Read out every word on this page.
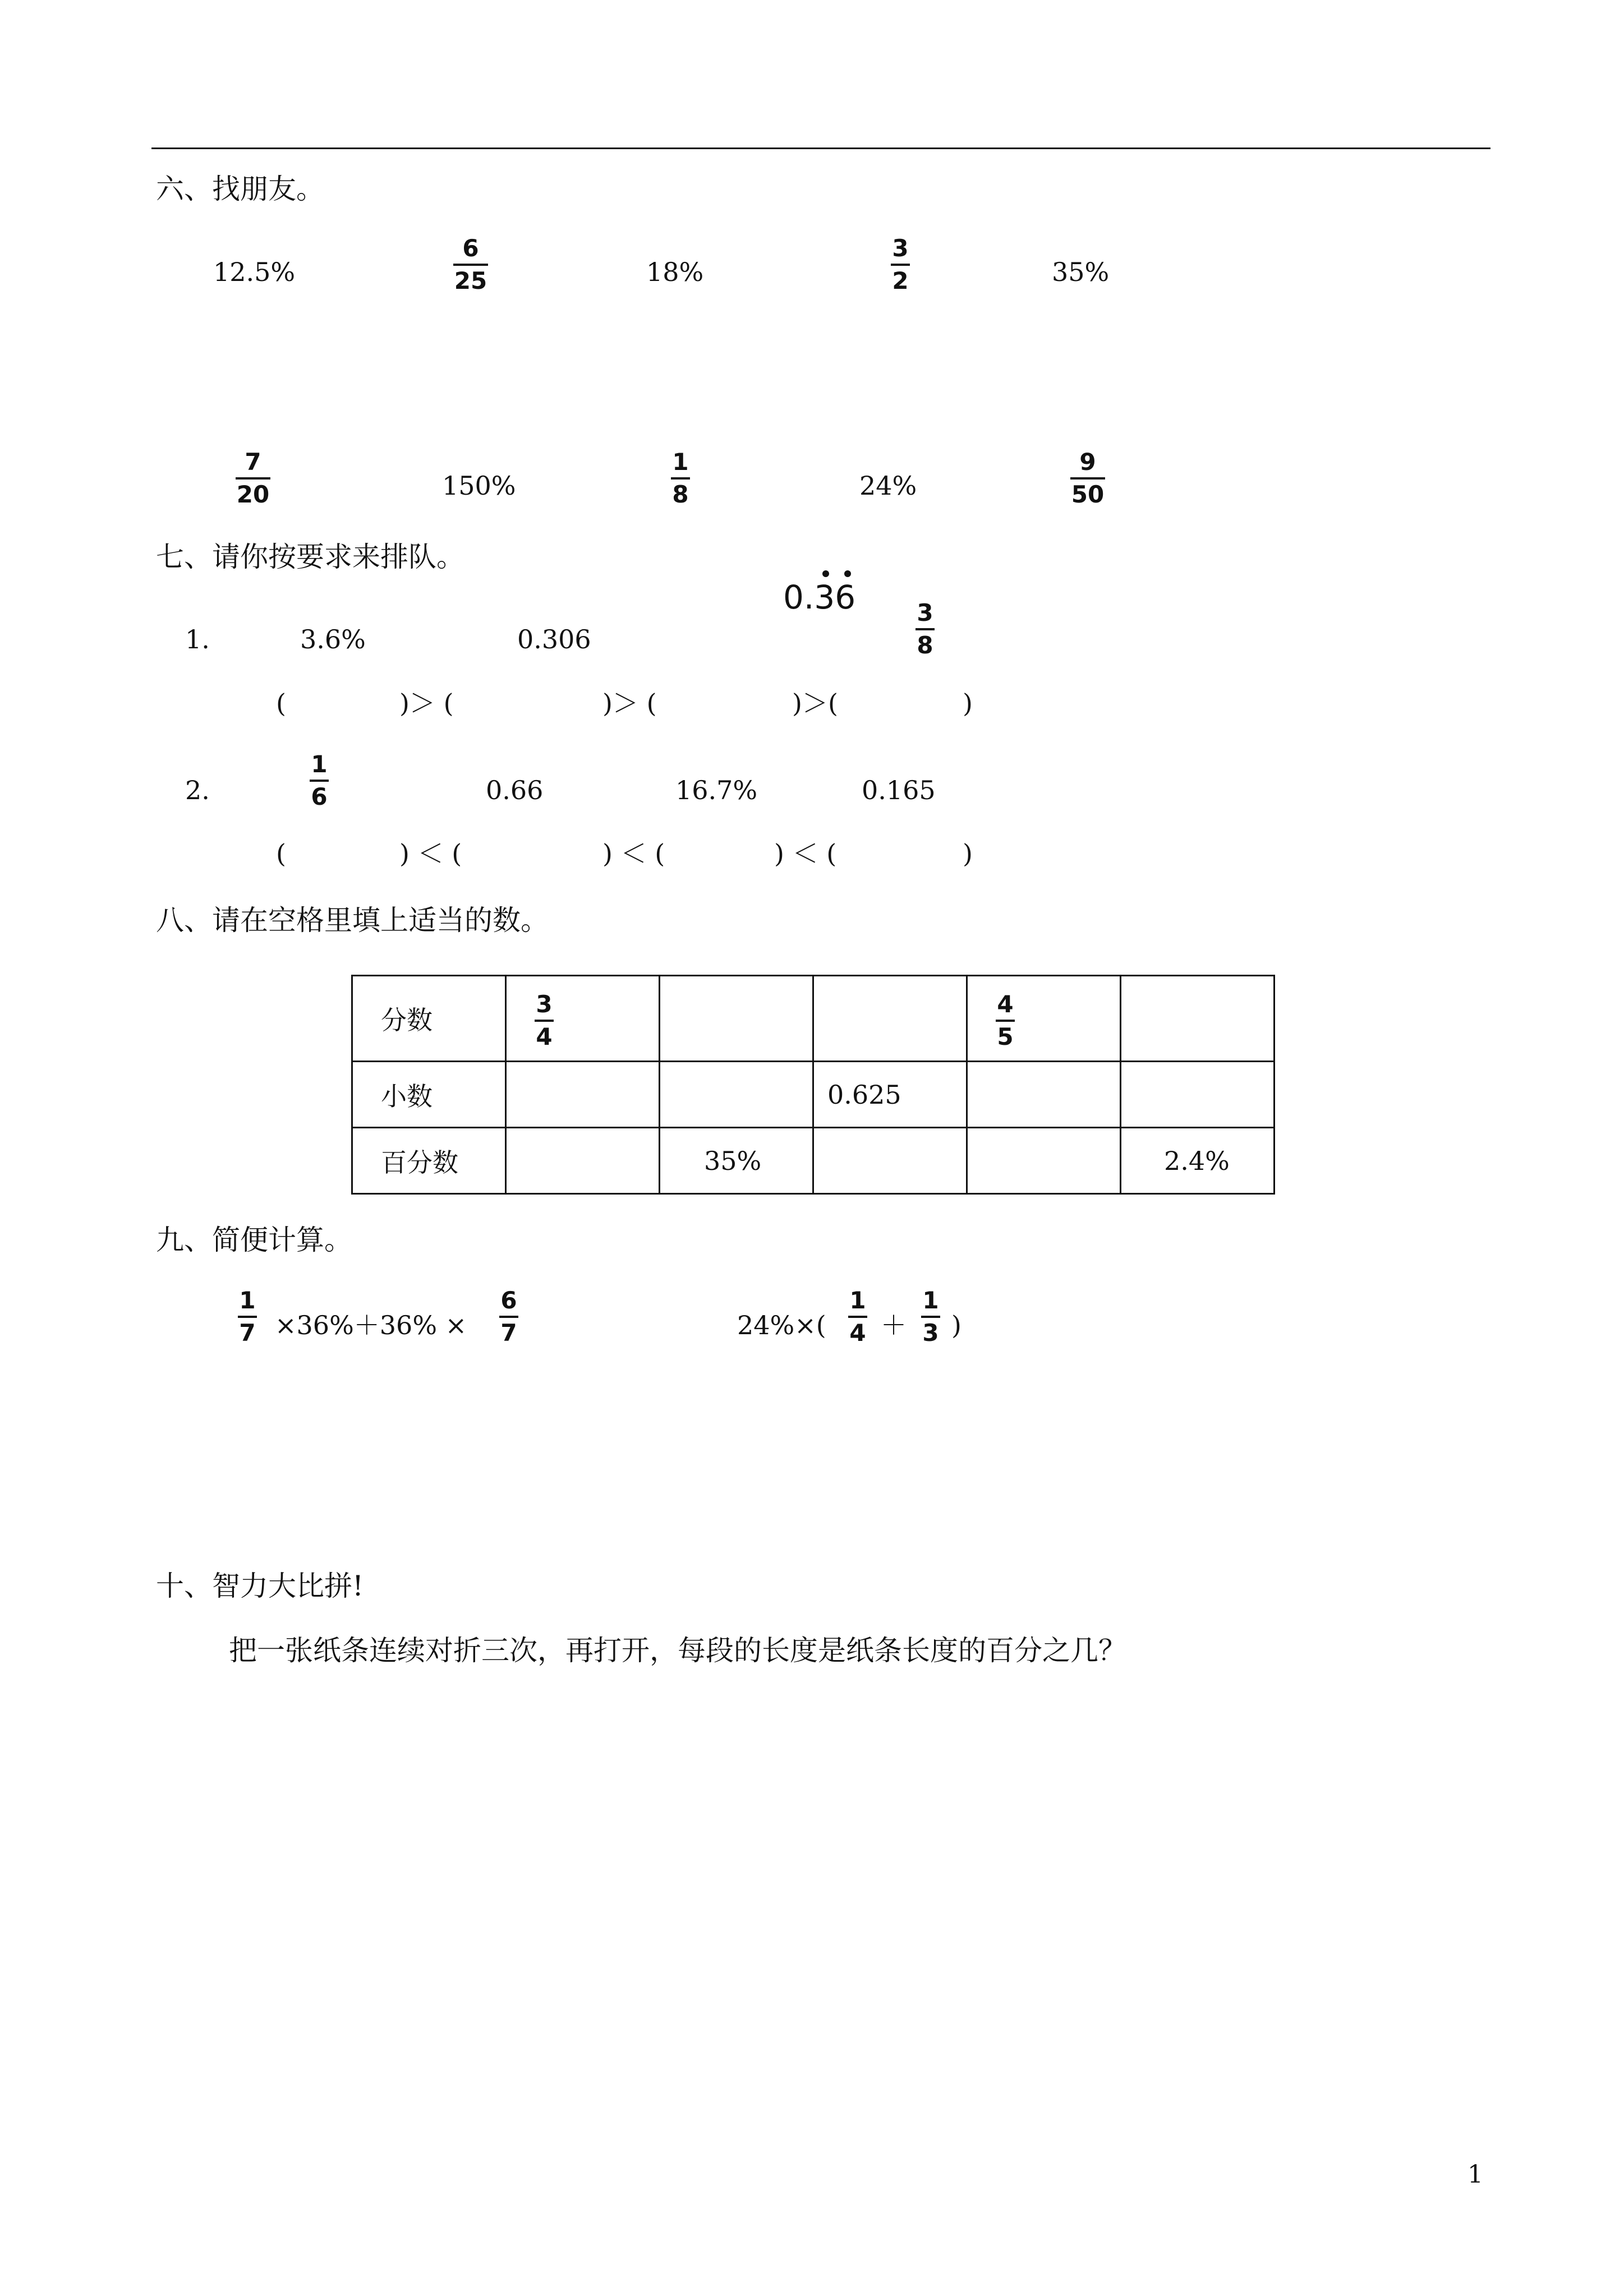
六、找朋友。
12.5%
6
25	18%
3
2	35%
7
20	150%
1
8	24%
9
50
七、请你按要求来排队。
1.	3.6%	0.306
0.36	3
8
(	)＞ (	)＞ (	)＞(	)
2.
1
6	0.66	16.7%	0.165
(	) ＜ (	) ＜ (	) ＜ (	)
八、请在空格里填上适当的数。
分数	$\frac{3}{4}$			$\frac{4}{5}$

小数			0.625		
百分数		35%			2.4%
九、简便计算。
1
7 ×36%＋36% ×
6
7	24%×(
1
4 ＋
1
3 )
十、智力大比拼!
把一张纸条连续对折三次，再打开，每段的长度是纸条长度的百分之几？
1
